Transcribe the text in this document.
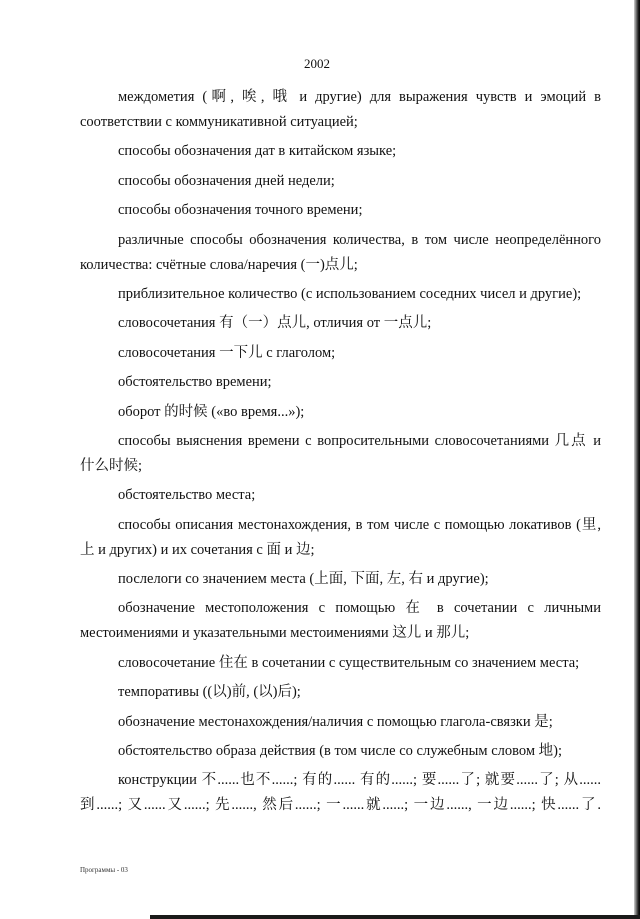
2002

междометия (啊, 唉, 哦 и другие) для выражения чувств и эмоций в соответствии с коммуникативной ситуацией;

способы обозначения дат в китайском языке;

способы обозначения дней недели;

способы обозначения точного времени;

различные способы обозначения количества, в том числе неопределённого количества: счётные слова/наречия (一)点儿;

приблизительное количество (с использованием соседних чисел и другие);

словосочетания 有（一）点儿, отличия от 一点儿;

словосочетания 一下儿 с глаголом;

обстоятельство времени;

оборот 的时候 («во время...»);

способы выяснения времени с вопросительными словосочетаниями 几点 и 什么时候;

обстоятельство места;

способы описания местонахождения, в том числе с помощью локативов (里, 上 и других) и их сочетания с 面 и 边;

послелоги со значением места (上面, 下面, 左, 右 и другие);

обозначение местоположения с помощью 在 в сочетании с личными местоимениями и указательными местоимениями 这儿 и 那儿;

словосочетание 住在 в сочетании с существительным со значением места;

темпоративы ((以)前, (以)后);

обозначение местонахождения/наличия с помощью глагола-связки 是;

обстоятельство образа действия (в том числе со служебным словом 地);

конструкции 不......也不......; 有的...... 有的......; 要......了; 就要......了; 从......到......; 又......又......; 先......, 然后......; 一......就......; 一边......, 一边......; 快......了.

Программы - 03
